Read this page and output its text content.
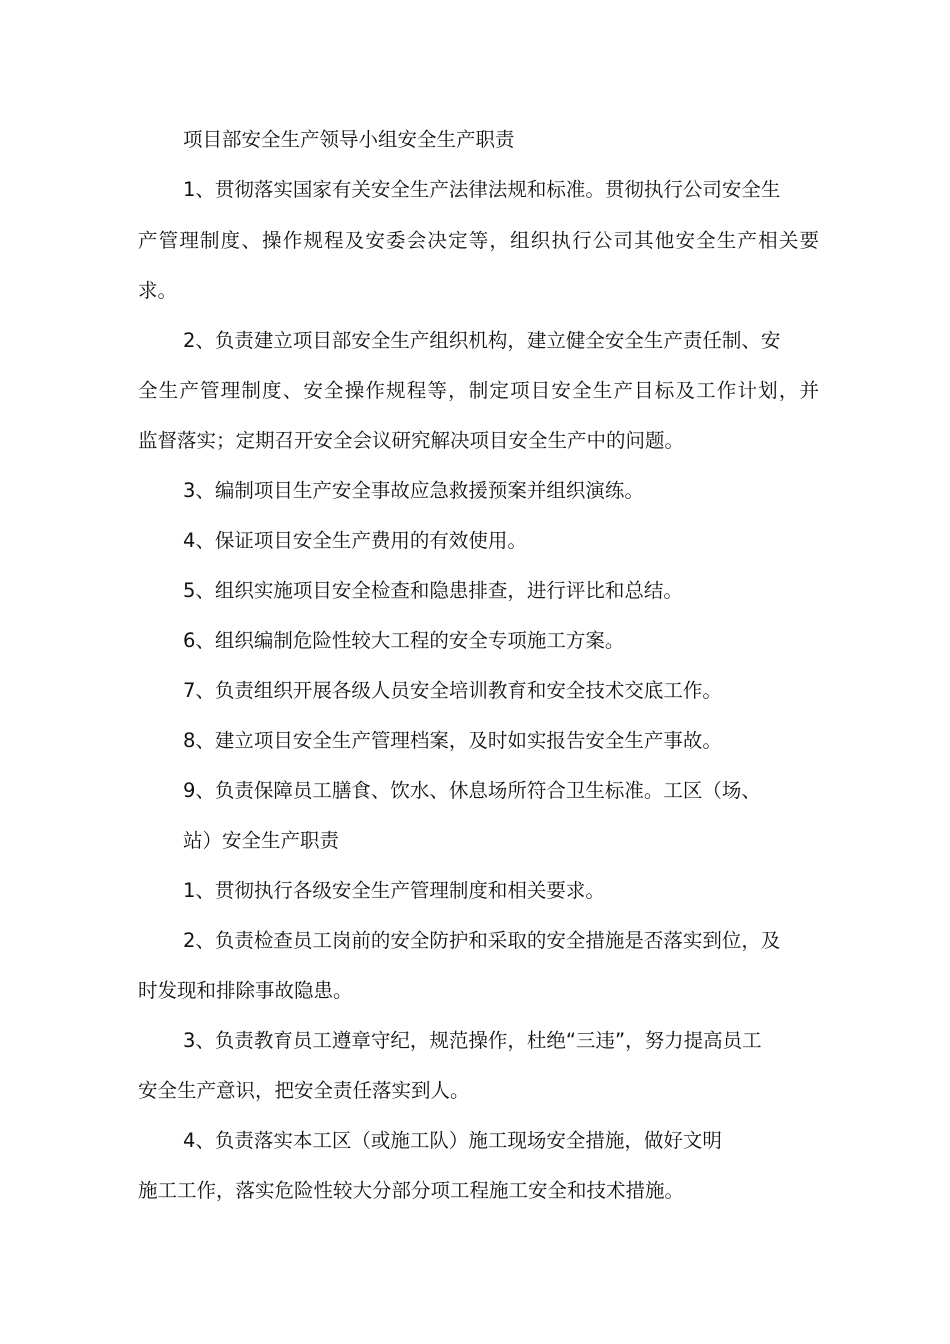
项目部安全生产领导小组安全生产职责
1、贯彻落实国家有关安全生产法律法规和标准。贯彻执行公司安全生
产管理制度、操作规程及安委会决定等，组织执行公司其他安全生产相关要
求。
2、负责建立项目部安全生产组织机构，建立健全安全生产责任制、安
全生产管理制度、安全操作规程等，制定项目安全生产目标及工作计划，并
监督落实；定期召开安全会议研究解决项目安全生产中的问题。
3、编制项目生产安全事故应急救援预案并组织演练。
4、保证项目安全生产费用的有效使用。
5、组织实施项目安全检查和隐患排查，进行评比和总结。
6、组织编制危险性较大工程的安全专项施工方案。
7、负责组织开展各级人员安全培训教育和安全技术交底工作。
8、建立项目安全生产管理档案，及时如实报告安全生产事故。
9、负责保障员工膳食、饮水、休息场所符合卫生标准。工区（场、
站）安全生产职责
1、贯彻执行各级安全生产管理制度和相关要求。
2、负责检查员工岗前的安全防护和采取的安全措施是否落实到位，及
时发现和排除事故隐患。
3、负责教育员工遵章守纪，规范操作，杜绝“三违”，努力提高员工
安全生产意识，把安全责任落实到人。
4、负责落实本工区（或施工队）施工现场安全措施，做好文明
施工工作，落实危险性较大分部分项工程施工安全和技术措施。
